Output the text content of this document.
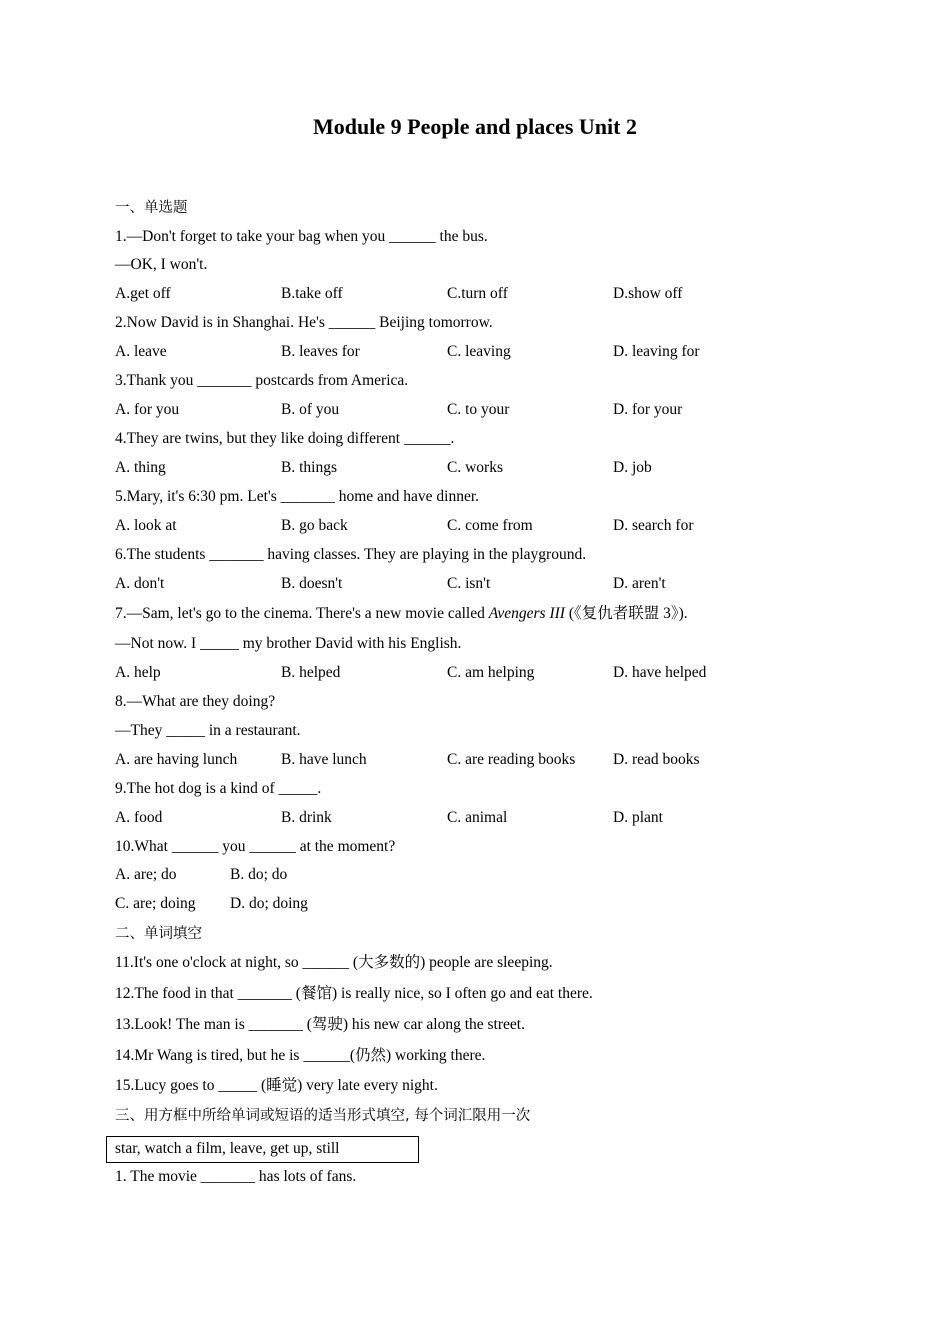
Module 9 People and places Unit 2
一、单选题
1.—Don't forget to take your bag when you ______ the bus.
—OK, I won't.
A.get off	B.take off	C.turn off	D.show off
2.Now David is in Shanghai. He's ______ Beijing tomorrow.
A. leave	B. leaves for	C. leaving	D. leaving for
3.Thank you _______ postcards from America.
A. for you	B. of you	C. to your	D. for your
4.They are twins, but they like doing different ______.
A. thing	B. things	C. works	D. job
5.Mary, it's 6:30 pm. Let's _______ home and have dinner.
A. look at	B. go back	C. come from	D. search for
6.The students _______ having classes. They are playing in the playground.
A. don't	B. doesn't	C. isn't	D. aren't
7.—Sam, let's go to the cinema. There's a new movie called Avengers III (《复仇者联盟 3》).
—Not now. I _____ my brother David with his English.
A. help	B. helped	C. am helping	D. have helped
8.—What are they doing?
—They _____ in a restaurant.
A. are having lunch	B. have lunch	C. are reading books D. read books
9.The hot dog is a kind of _____.
A. food	B. drink	C. animal	D. plant
10.What ______ you ______ at the moment?
A. are; do	B. do; do
C. are; doing D. do; doing
二、单词填空
11.It's one o'clock at night, so ______ (大多数的) people are sleeping.
12.The food in that _______ (餐馆) is really nice, so I often go and eat there.
13.Look! The man is _______ (驾驶) his new car along the street.
14.Mr Wang is tired, but he is ______(仍然) working there.
15.Lucy goes to _____ (睡觉) very late every night.
三、用方框中所给单词或短语的适当形式填空, 每个词汇限用一次
star, watch a film, leave, get up, still
1. The movie _______ has lots of fans.
